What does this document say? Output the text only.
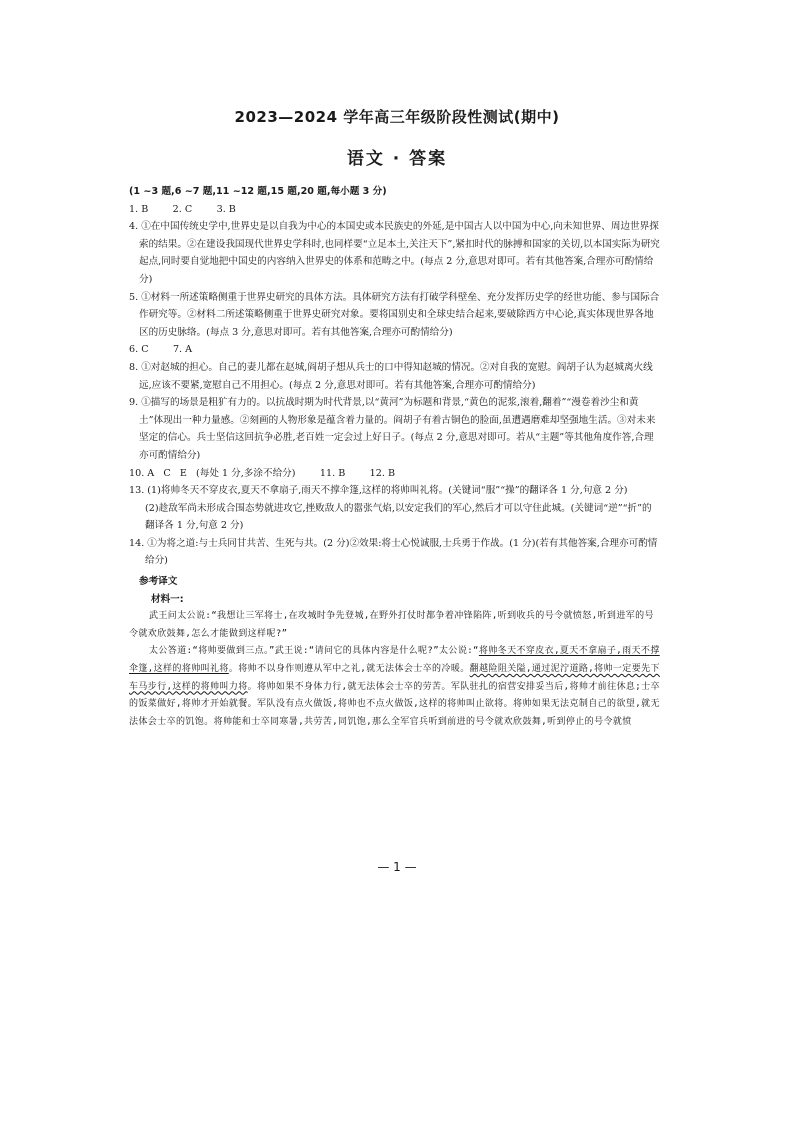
2023—2024 学年高三年级阶段性测试(期中)
语文 · 答案

(1 ~3 题,6 ~7 题,11 ~12 题,15 题,20 题,每小题 3 分)

1. B        2. C        3. B

4. ①在中国传统史学中,世界史是以自我为中心的本国史或本民族史的外延,是中国古人以中国为中心,向未知世界、周边世界探索的结果。②在建设我国现代世界史学科时,也同样要“立足本土,关注天下”,紧扣时代的脉搏和国家的关切,以本国实际为研究起点,同时要自觉地把中国史的内容纳入世界史的体系和范畴之中。(每点 2 分,意思对即可。若有其他答案,合理亦可酌情给分)

5. ①材料一所述策略侧重于世界史研究的具体方法。具体研究方法有打破学科壁垒、充分发挥历史学的经世功能、参与国际合作研究等。②材料二所述策略侧重于世界史研究对象。要将国别史和全球史结合起来,要破除西方中心论,真实体现世界各地区的历史脉络。(每点 3 分,意思对即可。若有其他答案,合理亦可酌情给分)

6. C        7. A

8. ①对赵城的担心。自己的妻儿都在赵城,阎胡子想从兵士的口中得知赵城的情况。②对自我的宽慰。阎胡子认为赵城离火线远,应该不要紧,宽慰自己不用担心。(每点 2 分,意思对即可。若有其他答案,合理亦可酌情给分)

9. ①描写的场景是粗犷有力的。以抗战时期为时代背景,以“黄河”为标题和背景,“黄色的泥浆,滚着,翻着”“漫卷着沙尘和黄土”体现出一种力量感。②刻画的人物形象是蕴含着力量的。阎胡子有着古铜色的脸面,虽遭遇磨难却坚强地生活。③对未来坚定的信心。兵士坚信这回抗争必胜,老百姓一定会过上好日子。(每点 2 分,意思对即可。若从“主题”等其他角度作答,合理亦可酌情给分)

10. A   C   E   (每处 1 分,多涂不给分)        11. B        12. B

13. (1)将帅冬天不穿皮衣,夏天不拿扇子,雨天不撑伞篷,这样的将帅叫礼将。(关键词“服”“操”的翻译各 1 分,句意 2 分)

(2)趁敌军尚未形成合围态势就进攻它,挫败敌人的嚣张气焰,以安定我们的军心,然后才可以守住此城。(关键词“逆”“折”的翻译各 1 分,句意 2 分)

14. ①为将之道:与士兵同甘共苦、生死与共。(2 分)②效果:将士心悦诚服,士兵勇于作战。(1 分)(若有其他答案,合理亦可酌情给分)

参考译文

材料一:

武王问太公说:“我想让三军将士,在攻城时争先登城,在野外打仗时都争着冲锋陷阵,听到收兵的号令就愤怒,听到进军的号令就欢欣鼓舞,怎么才能做到这样呢?”

太公答道:“将帅要做到三点。”武王说:“请问它的具体内容是什么呢?”太公说:“将帅冬天不穿皮衣,夏天不拿扇子,雨天不撑伞篷,这样的将帅叫礼将。将帅不以身作则遵从军中之礼,就无法体会士卒的冷暖。翻越险阻关隘,通过泥泞道路,将帅一定要先下车马步行,这样的将帅叫力将。将帅如果不身体力行,就无法体会士卒的劳苦。军队驻扎的宿营安排妥当后,将帅才前往休息;士卒的饭菜做好,将帅才开始就餐。军队没有点火做饭,将帅也不点火做饭,这样的将帅叫止欲将。将帅如果无法克制自己的欲望,就无法体会士卒的饥饱。将帅能和士卒同寒暑,共劳苦,同饥饱,那么全军官兵听到前进的号令就欢欣鼓舞,听到停止的号令就愤

— 1 —
